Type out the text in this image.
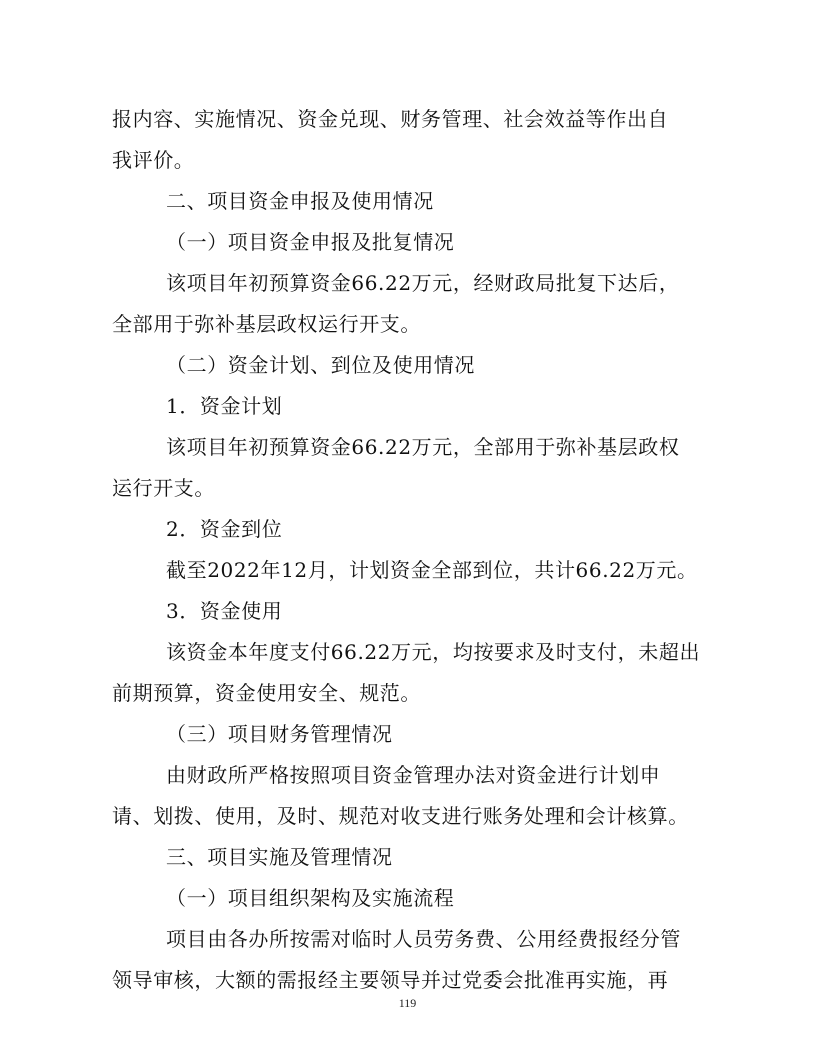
报内容、实施情况、资金兑现、财务管理、社会效益等作出自
我评价。
二、项目资金申报及使用情况
（一）项目资金申报及批复情况
该项目年初预算资金66.22万元，经财政局批复下达后，
全部用于弥补基层政权运行开支。
（二）资金计划、到位及使用情况
1．资金计划
该项目年初预算资金66.22万元，全部用于弥补基层政权
运行开支。
2．资金到位
截至2022年12月，计划资金全部到位，共计66.22万元。
3．资金使用
该资金本年度支付66.22万元，均按要求及时支付，未超出
前期预算，资金使用安全、规范。
（三）项目财务管理情况
由财政所严格按照项目资金管理办法对资金进行计划申
请、划拨、使用，及时、规范对收支进行账务处理和会计核算。
三、项目实施及管理情况
（一）项目组织架构及实施流程
项目由各办所按需对临时人员劳务费、公用经费报经分管
领导审核，大额的需报经主要领导并过党委会批准再实施，再
119
